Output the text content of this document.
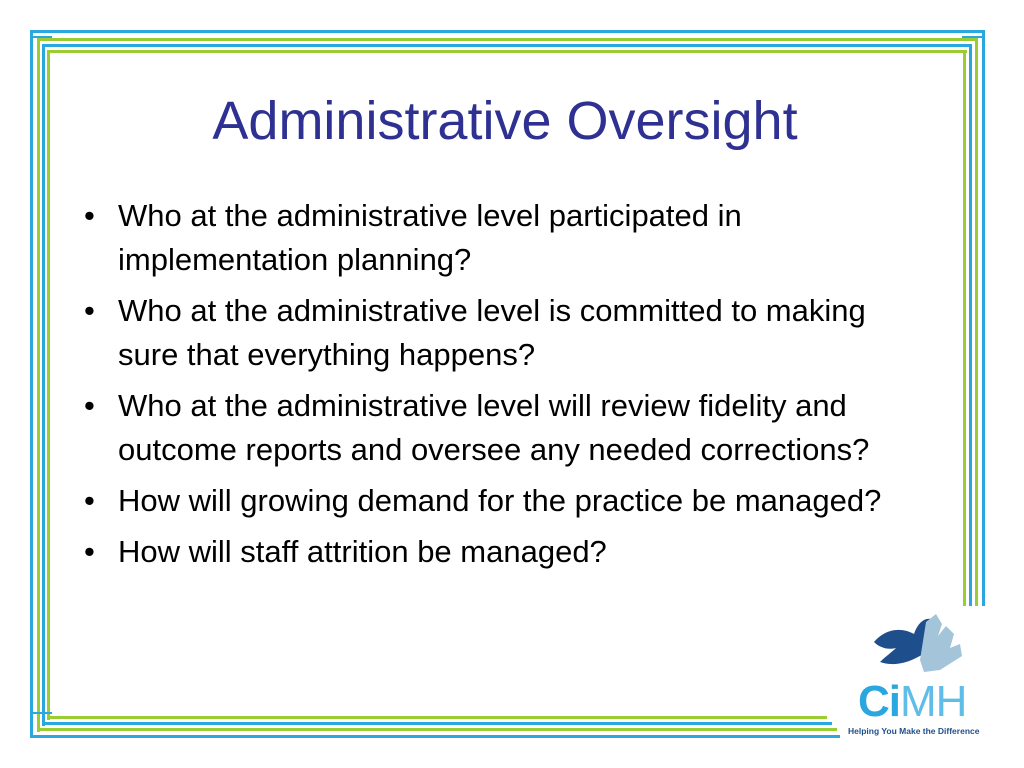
Administrative Oversight
• Who at the administrative level participated in implementation planning?
• Who at the administrative level is committed to making sure that everything happens?
• Who at the administrative level will review fidelity and outcome reports and oversee any needed corrections?
• How will growing demand for the practice be managed?
• How will staff attrition be managed?
CiMH
Helping You Make the Difference
